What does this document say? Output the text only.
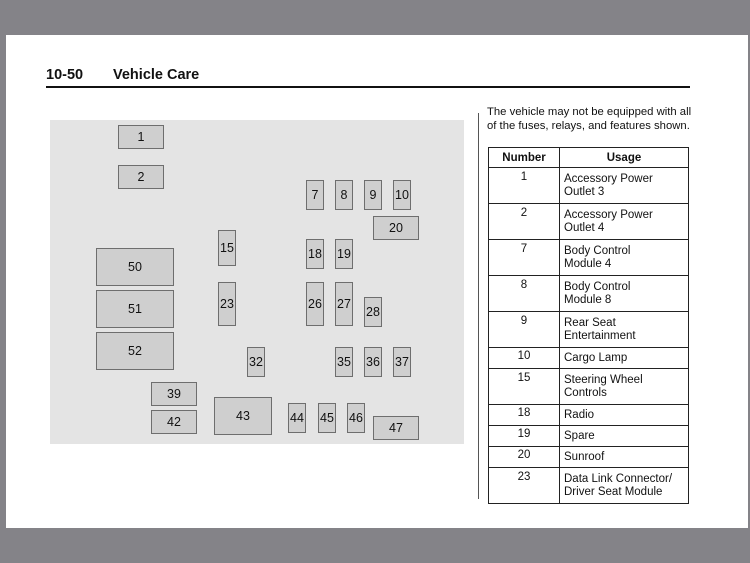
10-50 Vehicle Care
1
2
7	8	9	10
20
15	18 19
50
51
52
23	26 27
28
32	35 36 37
39
42	43	44 45 46
47
The vehicle may not be equipped with all of the fuses, relays, and features shown.
Number	Usage
1	Accessory Power
Outlet 3
2	Accessory Power
Outlet 4
7	Body Control
Module 4
8	Body Control
Module 8
9	Rear Seat
Entertainment
10	Cargo Lamp
15	Steering Wheel
Controls
18	Radio
19	Spare
20	Sunroof
23	Data Link Connector/
Driver Seat Module
